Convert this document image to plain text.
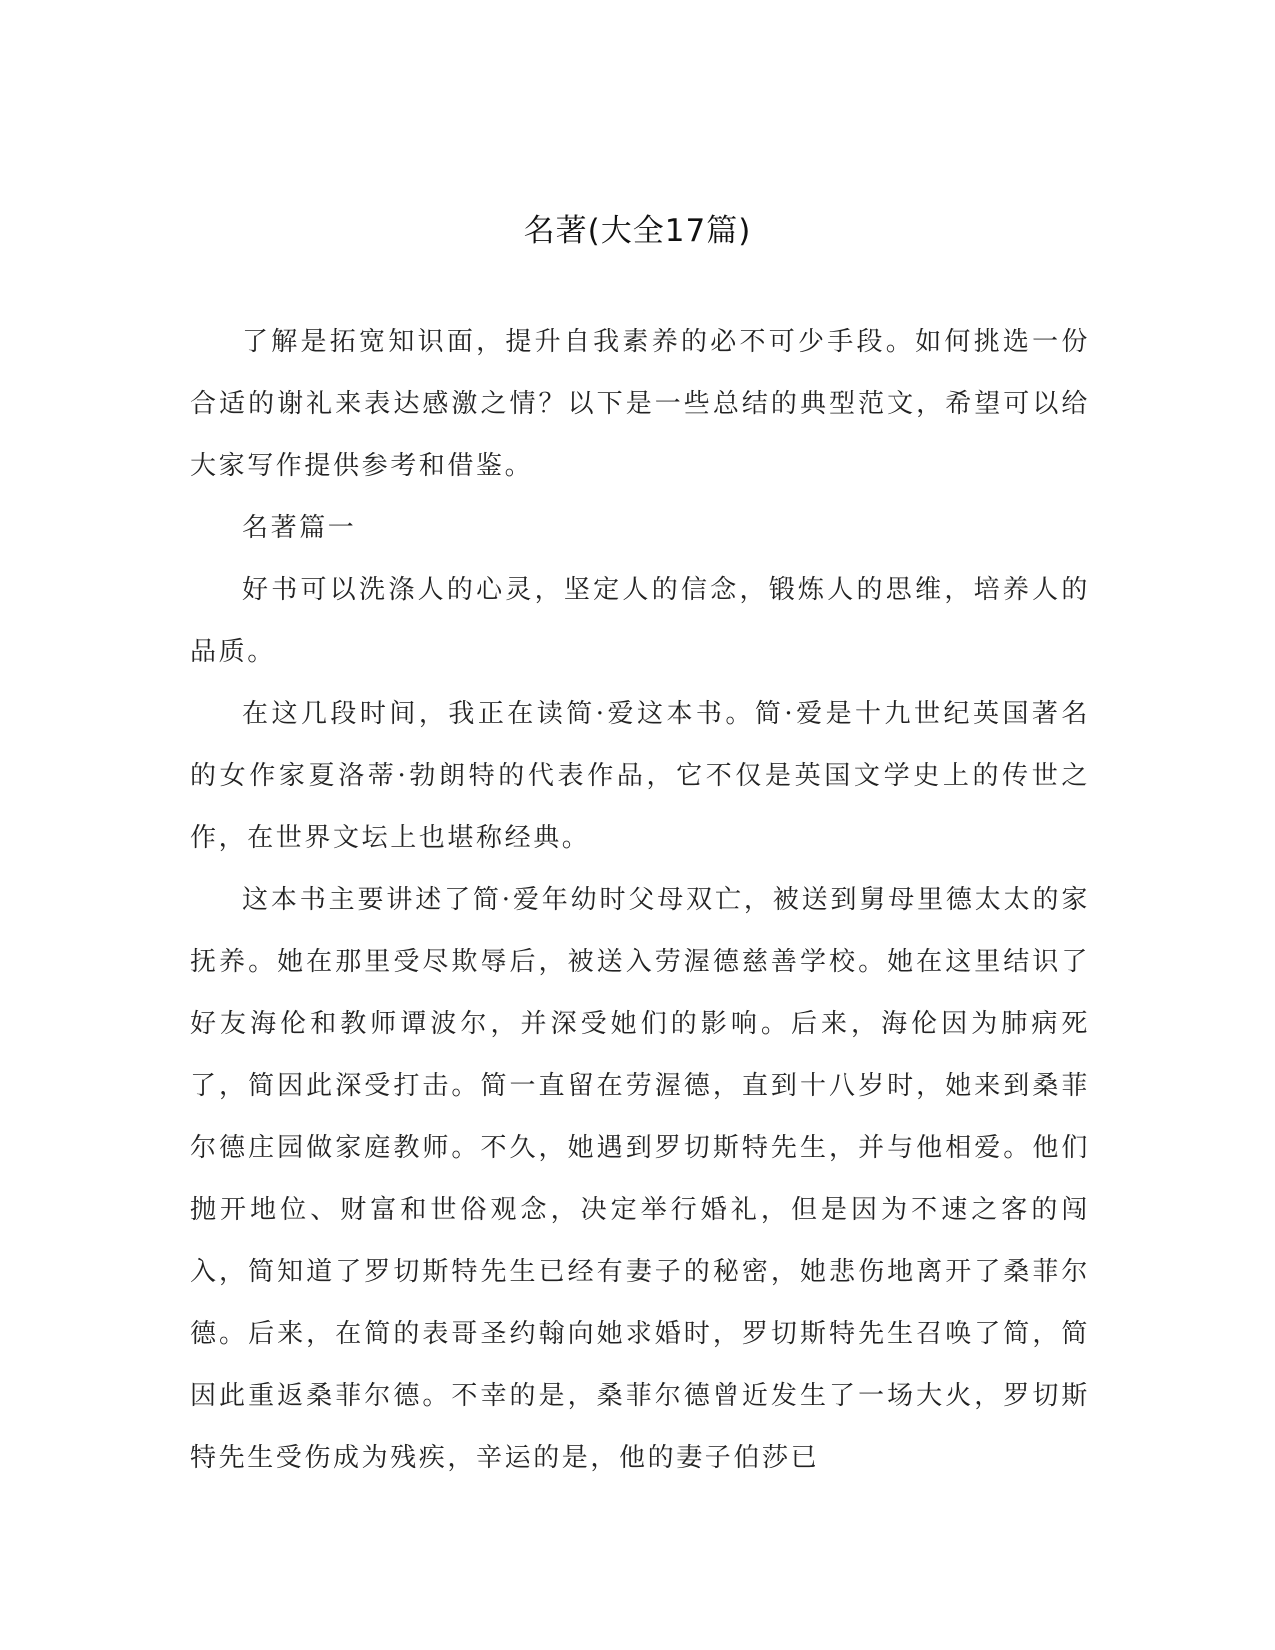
名著(大全17篇)

了解是拓宽知识面，提升自我素养的必不可少手段。如何挑选一份合适的谢礼来表达感激之情？以下是一些总结的典型范文，希望可以给大家写作提供参考和借鉴。

名著篇一

好书可以洗涤人的心灵，坚定人的信念，锻炼人的思维，培养人的品质。

在这几段时间，我正在读简·爱这本书。简·爱是十九世纪英国著名的女作家夏洛蒂·勃朗特的代表作品，它不仅是英国文学史上的传世之作，在世界文坛上也堪称经典。

这本书主要讲述了简·爱年幼时父母双亡，被送到舅母里德太太的家抚养。她在那里受尽欺辱后，被送入劳渥德慈善学校。她在这里结识了好友海伦和教师谭波尔，并深受她们的影响。后来，海伦因为肺病死了，简因此深受打击。简一直留在劳渥德，直到十八岁时，她来到桑菲尔德庄园做家庭教师。不久，她遇到罗切斯特先生，并与他相爱。他们抛开地位、财富和世俗观念，决定举行婚礼，但是因为不速之客的闯入，简知道了罗切斯特先生已经有妻子的秘密，她悲伤地离开了桑菲尔德。后来，在简的表哥圣约翰向她求婚时，罗切斯特先生召唤了简，简因此重返桑菲尔德。不幸的是，桑菲尔德曾近发生了一场大火，罗切斯特先生受伤成为残疾，辛运的是，他的妻子伯莎已
